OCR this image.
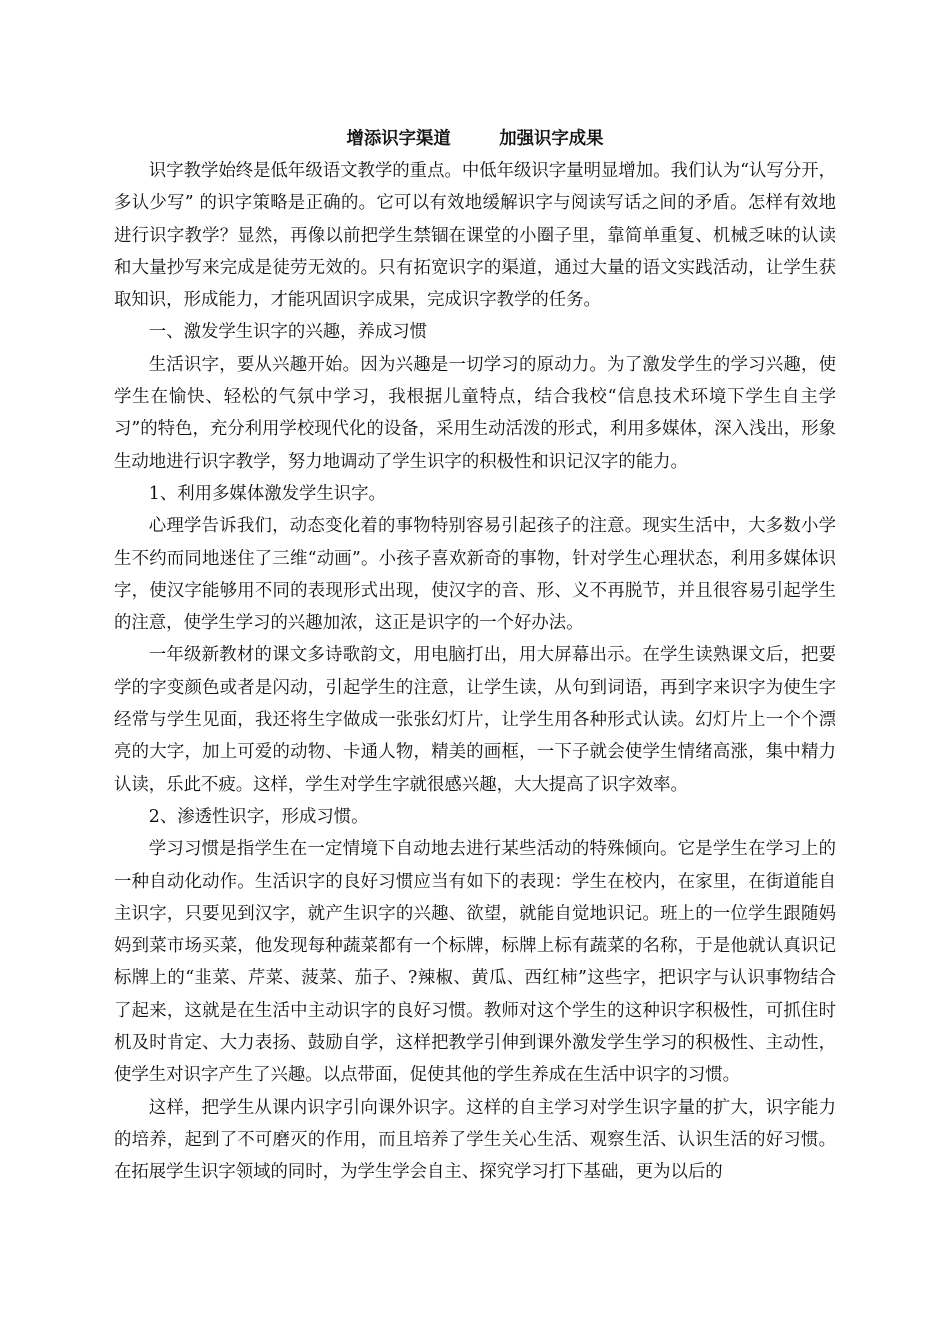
增添识字渠道        加强识字成果

识字教学始终是低年级语文教学的重点。中低年级识字量明显增加。我们认为“认写分开，多认少写” 的识字策略是正确的。它可以有效地缓解识字与阅读写话之间的矛盾。怎样有效地进行识字教学？显然，再像以前把学生禁锢在课堂的小圈子里，靠简单重复、机械乏味的认读和大量抄写来完成是徒劳无效的。只有拓宽识字的渠道，通过大量的语文实践活动，让学生获取知识，形成能力，才能巩固识字成果，完成识字教学的任务。

一、激发学生识字的兴趣，养成习惯

生活识字，要从兴趣开始。因为兴趣是一切学习的原动力。为了激发学生的学习兴趣，使学生在愉快、轻松的气氛中学习，我根据儿童特点，结合我校“信息技术环境下学生自主学习”的特色，充分利用学校现代化的设备，采用生动活泼的形式，利用多媒体，深入浅出，形象生动地进行识字教学，努力地调动了学生识字的积极性和识记汉字的能力。

1、利用多媒体激发学生识字。

心理学告诉我们，动态变化着的事物特别容易引起孩子的注意。现实生活中，大多数小学生不约而同地迷住了三维“动画”。小孩子喜欢新奇的事物，针对学生心理状态，利用多媒体识字，使汉字能够用不同的表现形式出现，使汉字的音、形、义不再脱节，并且很容易引起学生的注意，使学生学习的兴趣加浓，这正是识字的一个好办法。

一年级新教材的课文多诗歌韵文，用电脑打出，用大屏幕出示。在学生读熟课文后，把要学的字变颜色或者是闪动，引起学生的注意，让学生读，从句到词语，再到字来识字为使生字经常与学生见面，我还将生字做成一张张幻灯片，让学生用各种形式认读。幻灯片上一个个漂亮的大字，加上可爱的动物、卡通人物，精美的画框，一下子就会使学生情绪高涨，集中精力认读，乐此不疲。这样，学生对学生字就很感兴趣，大大提高了识字效率。

2、渗透性识字，形成习惯。

学习习惯是指学生在一定情境下自动地去进行某些活动的特殊倾向。它是学生在学习上的一种自动化动作。生活识字的良好习惯应当有如下的表现：学生在校内，在家里，在街道能自主识字，只要见到汉字，就产生识字的兴趣、欲望，就能自觉地识记。班上的一位学生跟随妈妈到菜市场买菜，他发现每种蔬菜都有一个标牌，标牌上标有蔬菜的名称，于是他就认真识记标牌上的“韭菜、芹菜、菠菜、茄子、?辣椒、黄瓜、西红柿”这些字，把识字与认识事物结合了起来，这就是在生活中主动识字的良好习惯。教师对这个学生的这种识字积极性，可抓住时机及时肯定、大力表扬、鼓励自学，这样把教学引伸到课外激发学生学习的积极性、主动性，使学生对识字产生了兴趣。以点带面，促使其他的学生养成在生活中识字的习惯。

这样，把学生从课内识字引向课外识字。这样的自主学习对学生识字量的扩大，识字能力的培养，起到了不可磨灭的作用，而且培养了学生关心生活、观察生活、认识生活的好习惯。在拓展学生识字领域的同时，为学生学会自主、探究学习打下基础，更为以后的
